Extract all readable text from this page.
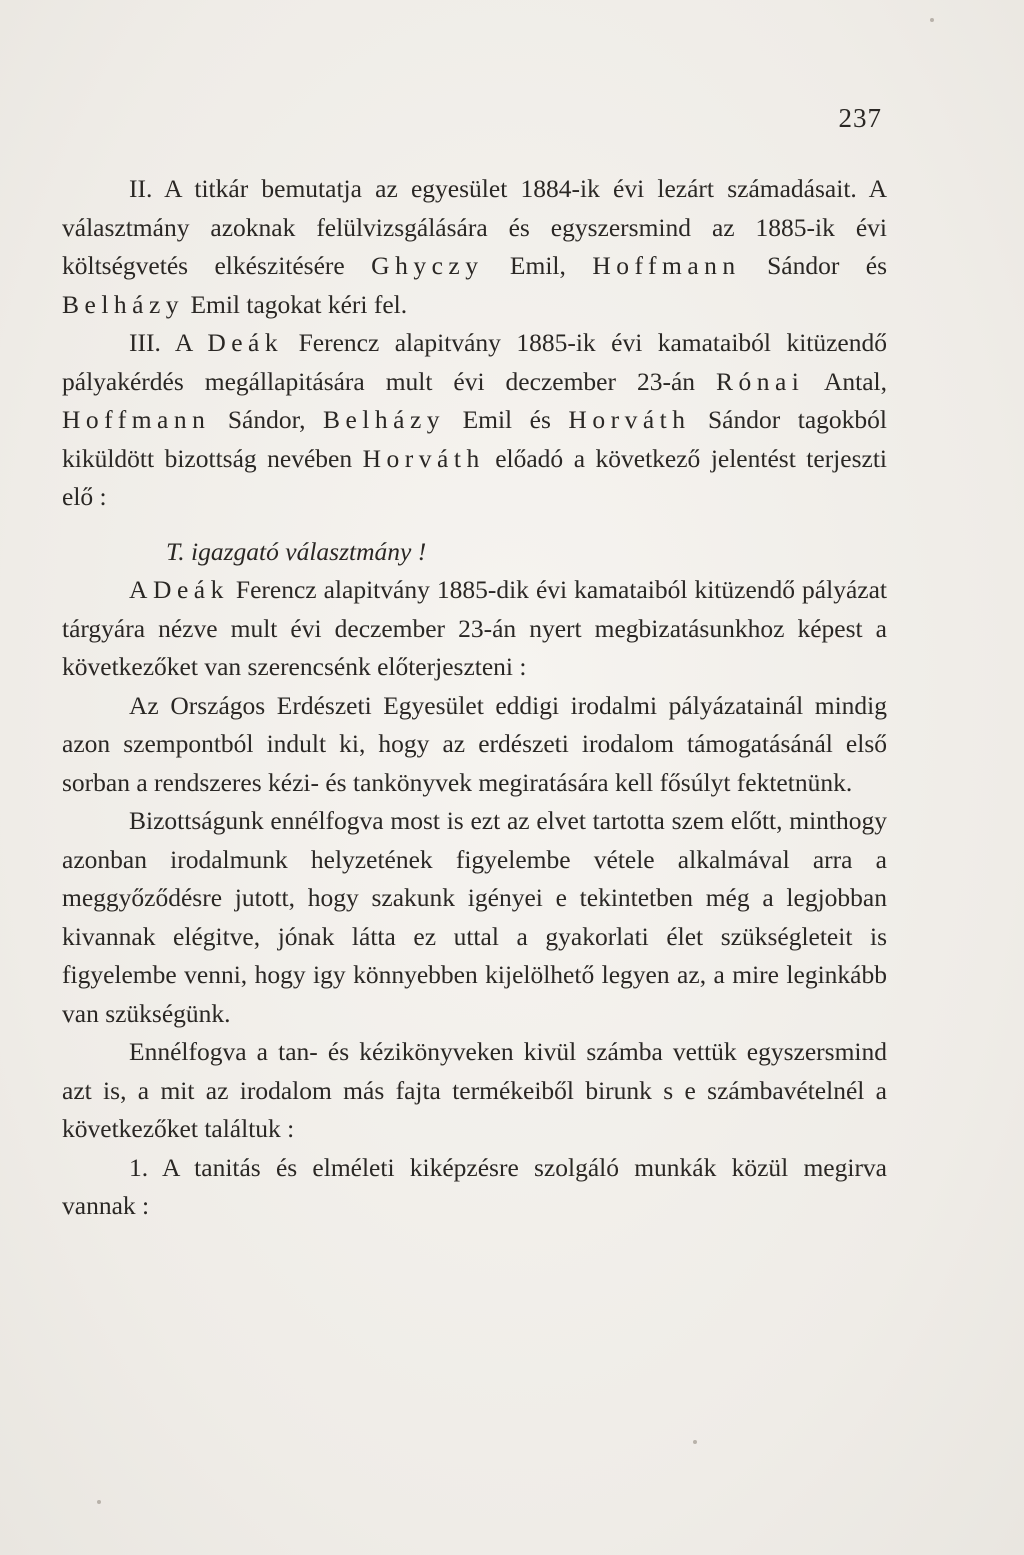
237

II. A titkár bemutatja az egyesület 1884-ik évi lezárt számadásait. A választmány azoknak felülvizsgálására és egyszersmind az 1885-ik évi költségvetés elkészitésére Ghyczy Emil, Hoffmann Sándor és Belházy Emil tagokat kéri fel.

III. A Deák Ferencz alapitvány 1885-ik évi kamataiból kitüzendő pályakérdés megállapitására mult évi deczember 23-án Rónai Antal, Hoffmann Sándor, Belházy Emil és Horváth Sándor tagokból kiküldött bizottság nevében Horváth előadó a következő jelentést terjeszti elő :

T. igazgató választmány !

A Deák Ferencz alapitvány 1885-dik évi kamataiból kitüzendő pályázat tárgyára nézve mult évi deczember 23-án nyert megbizatásunkhoz képest a következőket van szerencsénk előterjeszteni :

Az Országos Erdészeti Egyesület eddigi irodalmi pályázatainál mindig azon szempontból indult ki, hogy az erdészeti irodalom támogatásánál első sorban a rendszeres kézi- és tankönyvek megiratására kell fősúlyt fektetnünk.

Bizottságunk ennélfogva most is ezt az elvet tartotta szem előtt, minthogy azonban irodalmunk helyzetének figyelembe vétele alkalmával arra a meggyőződésre jutott, hogy szakunk igényei e tekintetben még a legjobban kivannak elégitve, jónak látta ez uttal a gyakorlati élet szükségleteit is figyelembe venni, hogy igy könnyebben kijelölhető legyen az, a mire leginkább van szükségünk.

Ennélfogva a tan- és kézikönyveken kivül számba vettük egyszersmind azt is, a mit az irodalom más fajta termékeiből birunk s e számbavételnél a következőket találtuk :

1. A tanitás és elméleti kiképzésre szolgáló munkák közül megirva vannak :
